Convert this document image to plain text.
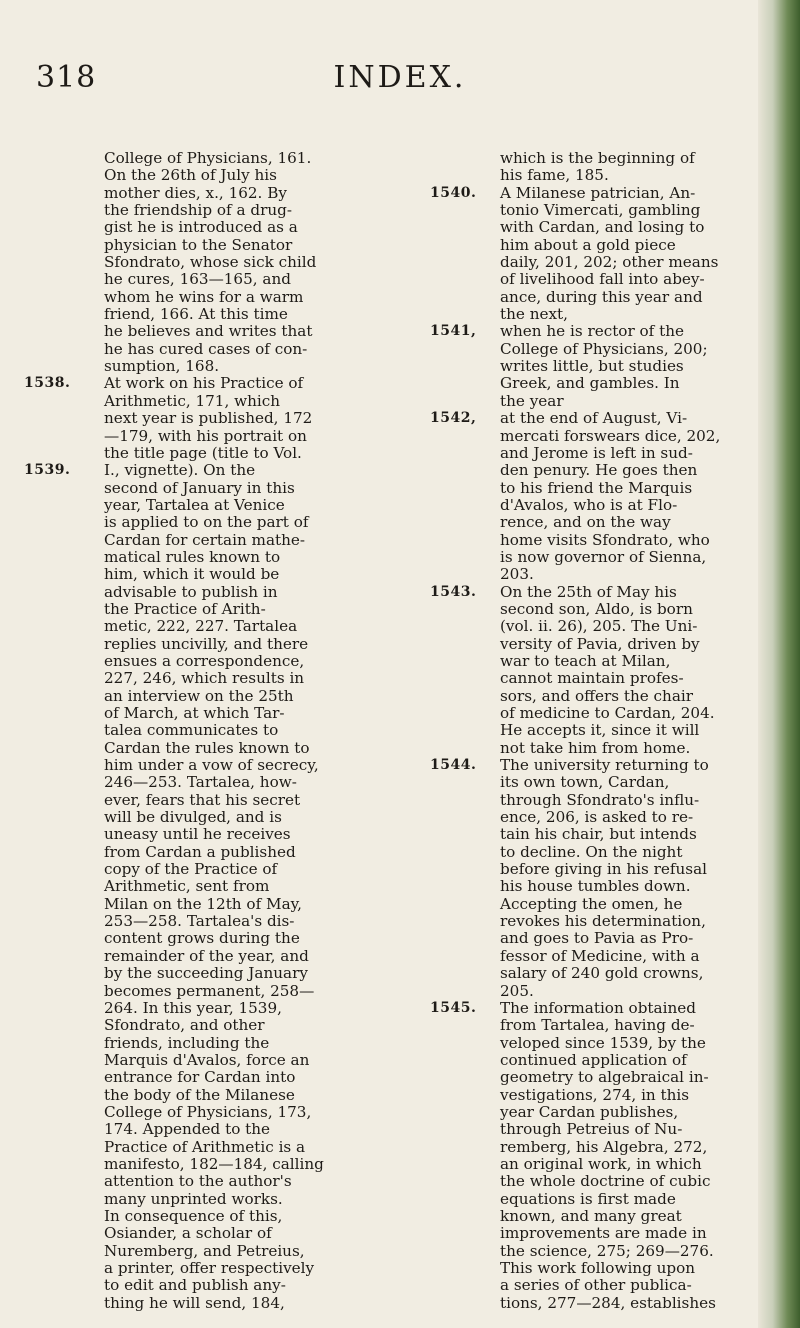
318	INDEX.
College of Physicians, 161.
On the 26th of July his
mother dies, x., 162. By
the friendship of a drug-
gist he is introduced as a
physician to the Senator
Sfondrato, whose sick child
he cures, 163—165, and
whom he wins for a warm
friend, 166. At this time
he believes and writes that
he has cured cases of con-
sumption, 168.
1538. At work on his Practice of
Arithmetic, 171, which
next year is published, 172
—179, with his portrait on
the title page (title to Vol.
1539. I., vignette). On the
second of January in this
year, Tartalea at Venice
is applied to on the part of
Cardan for certain mathe-
matical rules known to
him, which it would be
advisable to publish in
the Practice of Arith-
metic, 222, 227. Tartalea
replies uncivilly, and there
ensues a correspondence,
227, 246, which results in
an interview on the 25th
of March, at which Tar-
talea communicates to
Cardan the rules known to
him under a vow of secrecy,
246—253. Tartalea, how-
ever, fears that his secret
will be divulged, and is
uneasy until he receives
from Cardan a published
copy of the Practice of
Arithmetic, sent from
Milan on the 12th of May,
253—258. Tartalea's dis-
content grows during the
remainder of the year, and
by the succeeding January
becomes permanent, 258—
264. In this year, 1539,
Sfondrato, and other
friends, including the
Marquis d'Avalos, force an
entrance for Cardan into
the body of the Milanese
College of Physicians, 173,
174. Appended to the
Practice of Arithmetic is a
manifesto, 182—184, calling
attention to the author's
many unprinted works.
In consequence of this,
Osiander, a scholar of
Nuremberg, and Petreius,
a printer, offer respectively
to edit and publish any-
thing he will send, 184,
which is the beginning of
his fame, 185.
1540. A Milanese patrician, An-
tonio Vimercati, gambling
with Cardan, and losing to
him about a gold piece
daily, 201, 202; other means
of livelihood fall into abey-
ance, during this year and
the next,
1541, when he is rector of the
College of Physicians, 200;
writes little, but studies
Greek, and gambles. In
the year
1542, at the end of August, Vi-
mercati forswears dice, 202,
and Jerome is left in sud-
den penury. He goes then
to his friend the Marquis
d'Avalos, who is at Flo-
rence, and on the way
home visits Sfondrato, who
is now governor of Sienna,
203.
1543. On the 25th of May his
second son, Aldo, is born
(vol. ii. 26), 205. The Uni-
versity of Pavia, driven by
war to teach at Milan,
cannot maintain profes-
sors, and offers the chair
of medicine to Cardan, 204.
He accepts it, since it will
not take him from home.
1544. The university returning to
its own town, Cardan,
through Sfondrato's influ-
ence, 206, is asked to re-
tain his chair, but intends
to decline. On the night
before giving in his refusal
his house tumbles down.
Accepting the omen, he
revokes his determination,
and goes to Pavia as Pro-
fessor of Medicine, with a
salary of 240 gold crowns,
205.
1545. The information obtained
from Tartalea, having de-
veloped since 1539, by the
continued application of
geometry to algebraical in-
vestigations, 274, in this
year Cardan publishes,
through Petreius of Nu-
remberg, his Algebra, 272,
an original work, in which
the whole doctrine of cubic
equations is first made
known, and many great
improvements are made in
the science, 275; 269—276.
This work following upon
a series of other publica-
tions, 277—284, establishes
